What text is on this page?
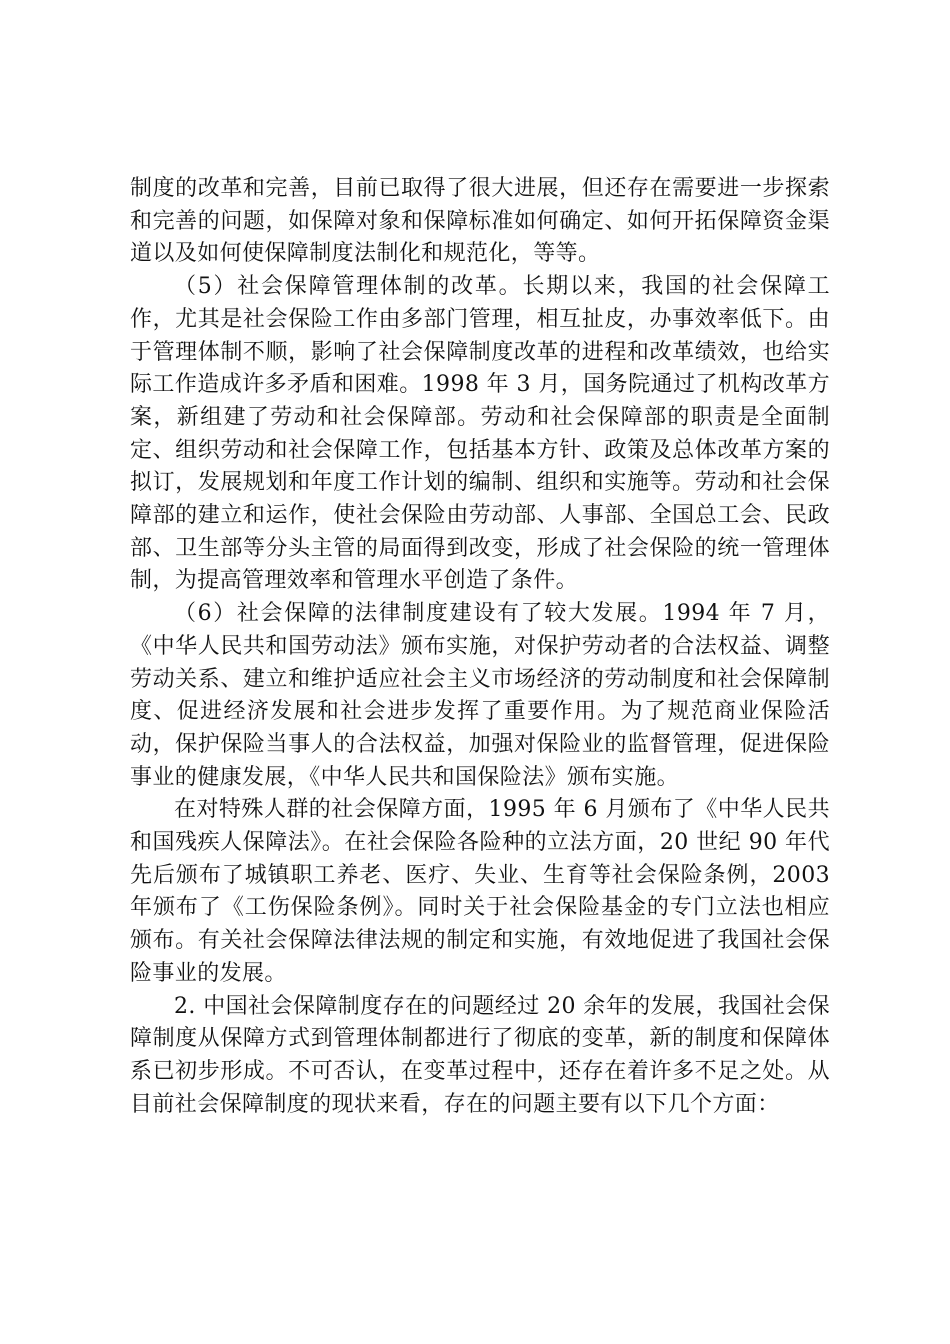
制度的改革和完善，目前已取得了很大进展，但还存在需要进一步探索和完善的问题，如保障对象和保障标准如何确定、如何开拓保障资金渠道以及如何使保障制度法制化和规范化，等等。

（5）社会保障管理体制的改革。长期以来，我国的社会保障工作，尤其是社会保险工作由多部门管理，相互扯皮，办事效率低下。由于管理体制不顺，影响了社会保障制度改革的进程和改革绩效，也给实际工作造成许多矛盾和困难。1998 年 3 月，国务院通过了机构改革方案，新组建了劳动和社会保障部。劳动和社会保障部的职责是全面制定、组织劳动和社会保障工作，包括基本方针、政策及总体改革方案的拟订，发展规划和年度工作计划的编制、组织和实施等。劳动和社会保障部的建立和运作，使社会保险由劳动部、人事部、全国总工会、民政部、卫生部等分头主管的局面得到改变，形成了社会保险的统一管理体制，为提高管理效率和管理水平创造了条件。

（6）社会保障的法律制度建设有了较大发展。1994 年 7 月，《中华人民共和国劳动法》颁布实施，对保护劳动者的合法权益、调整劳动关系、建立和维护适应社会主义市场经济的劳动制度和社会保障制度、促进经济发展和社会进步发挥了重要作用。为了规范商业保险活动，保护保险当事人的合法权益，加强对保险业的监督管理，促进保险事业的健康发展，《中华人民共和国保险法》颁布实施。

在对特殊人群的社会保障方面，1995 年 6 月颁布了《中华人民共和国残疾人保障法》。在社会保险各险种的立法方面，20 世纪 90 年代先后颁布了城镇职工养老、医疗、失业、生育等社会保险条例，2003 年颁布了《工伤保险条例》。同时关于社会保险基金的专门立法也相应颁布。有关社会保障法律法规的制定和实施，有效地促进了我国社会保险事业的发展。

2. 中国社会保障制度存在的问题经过 20 余年的发展，我国社会保障制度从保障方式到管理体制都进行了彻底的变革，新的制度和保障体系已初步形成。不可否认，在变革过程中，还存在着许多不足之处。从目前社会保障制度的现状来看，存在的问题主要有以下几个方面：
